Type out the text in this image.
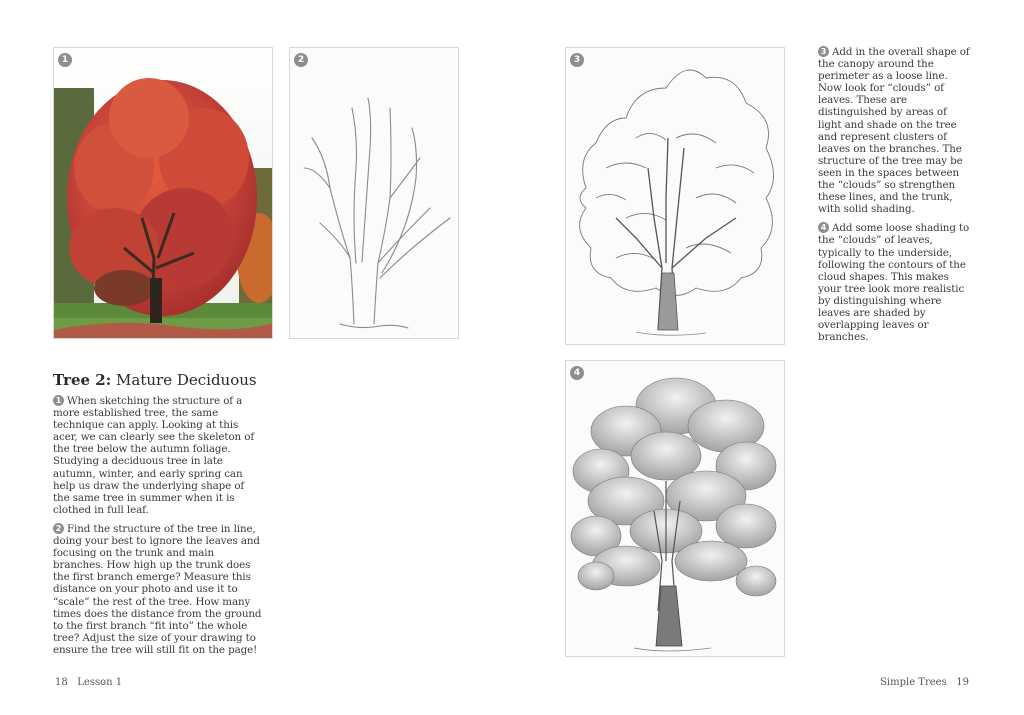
1	2	3

3 Add in the overall shape of the canopy around the perimeter as a loose line. Now look for “clouds” of leaves. These are distinguished by areas of light and shade on the tree and represent clusters of leaves on the branches. The structure of the tree may be seen in the spaces between the “clouds” so strengthen these lines, and the trunk, with solid shading.

4 Add some loose shading to the “clouds” of leaves, typically to the underside, following the contours of the cloud shapes. This makes your tree look more realistic by distinguishing where leaves are shaded by overlapping leaves or branches.

4
Tree 2: Mature Deciduous

1 When sketching the structure of a more established tree, the same technique can apply. Looking at this acer, we can clearly see the skeleton of the tree below the autumn foliage. Studying a deciduous tree in late autumn, winter, and early spring can help us draw the underlying shape of the same tree in summer when it is clothed in full leaf.

2 Find the structure of the tree in line, doing your best to ignore the leaves and focusing on the trunk and main branches. How high up the trunk does the first branch emerge? Measure this distance on your photo and use it to “scale” the rest of the tree. How many times does the distance from the ground to the first branch “fit into” the whole tree? Adjust the size of your drawing to ensure the tree will still fit on the page!

18 Lesson 1	Simple Trees 19
